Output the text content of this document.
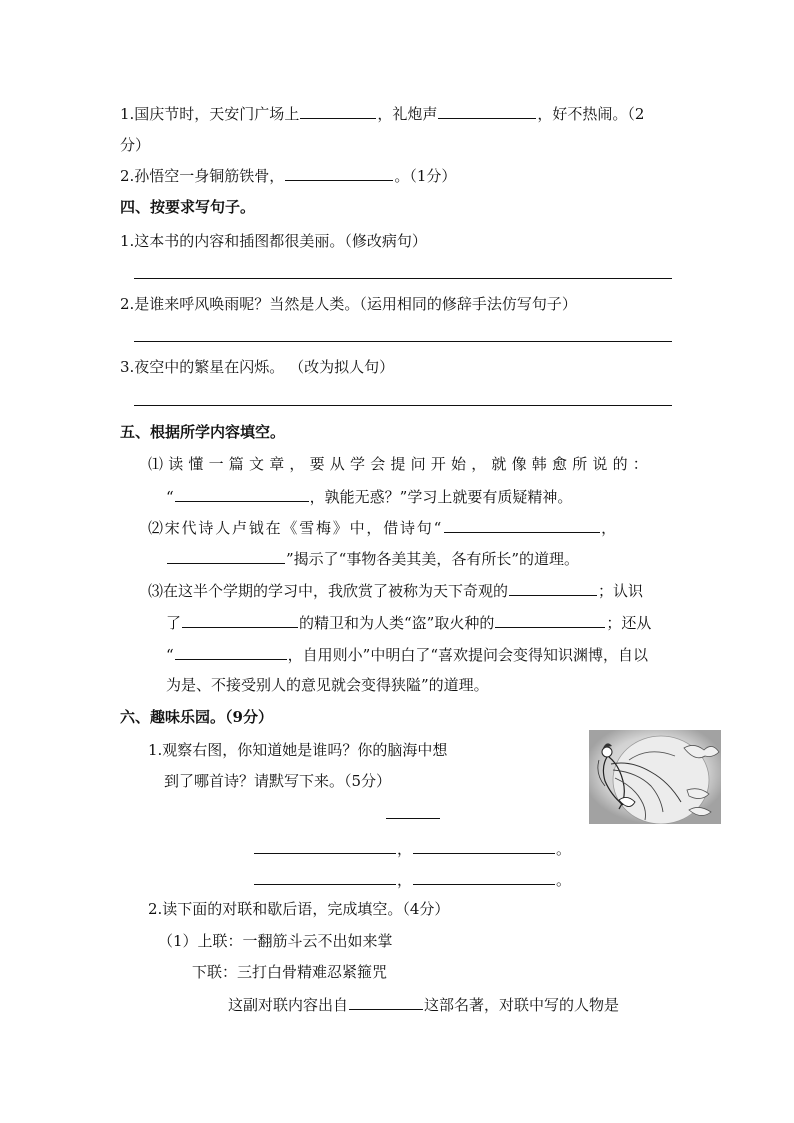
1.国庆节时，天安门广场上	，礼炮声	，好不热闹。（2
分）
2.孙悟空一身铜筋铁骨，	。（1分）
四、按要求写句子。
1.这本书的内容和插图都很美丽。（修改病句）
2.是谁来呼风唤雨呢？当然是人类。（运用相同的修辞手法仿写句子）
3.夜空中的繁星在闪烁。 （改为拟人句）
五、根据所学内容填空。
⑴读懂一篇文章，要从学会提问开始，就像韩愈所说的：
“	，孰能无惑？”学习上就要有质疑精神。
⑵宋代诗人卢钺在《雪梅》中，借诗句“	，
”揭示了“事物各美其美，各有所长”的道理。
⑶在这半个学期的学习中，我欣赏了被称为天下奇观的	；认识
了	的精卫和为人类“盗”取火种的	；还从
“	，自用则小”中明白了“喜欢提问会变得知识渊博，自以
为是、不接受别人的意见就会变得狭隘”的道理。
六、趣味乐园。（9分）
1.观察右图，你知道她是谁吗？你的脑海中想
到了哪首诗？请默写下来。（5分）
，	。
，	。
2.读下面的对联和歇后语，完成填空。（4分）
（1）上联：一翻筋斗云不出如来掌
下联：三打白骨精难忍紧箍咒
这副对联内容出自	这部名著，对联中写的人物是
